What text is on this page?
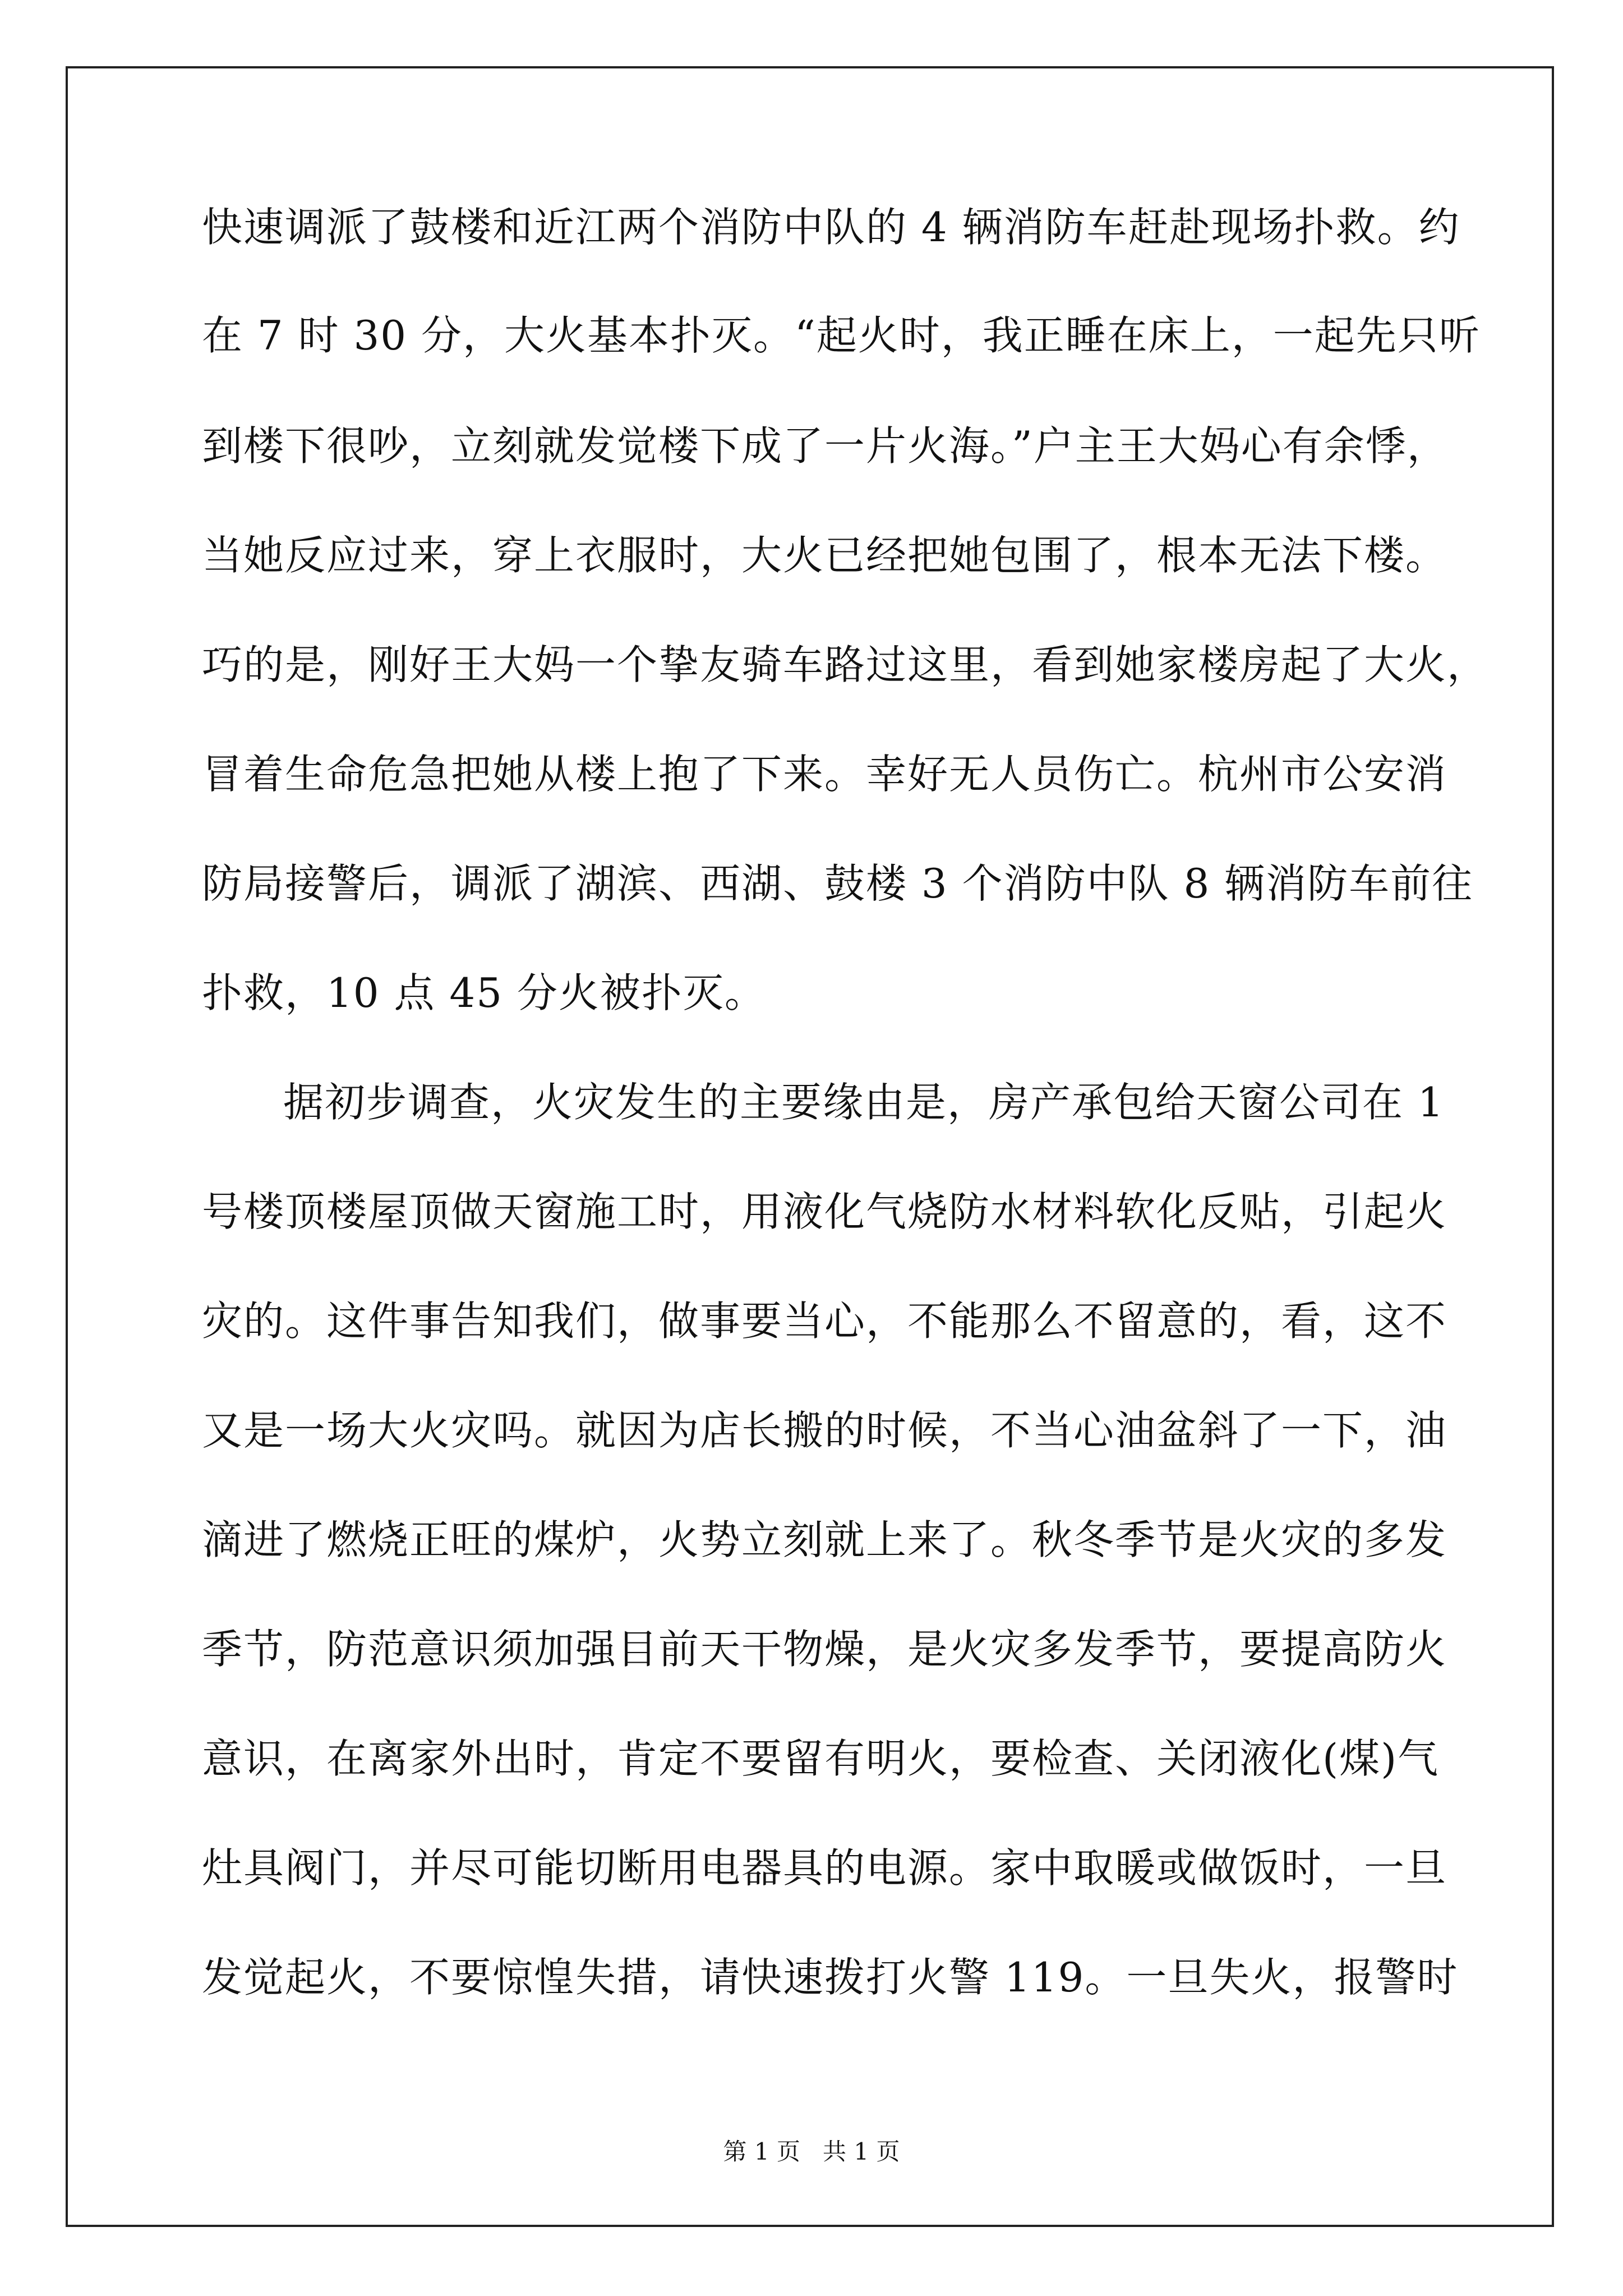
快速调派了鼓楼和近江两个消防中队的 4 辆消防车赶赴现场扑救。约
在 7 时 30 分，大火基本扑灭。“起火时，我正睡在床上，一起先只听
到楼下很吵，立刻就发觉楼下成了一片火海。”户主王大妈心有余悸，
当她反应过来，穿上衣服时，大火已经把她包围了，根本无法下楼。
巧的是，刚好王大妈一个挚友骑车路过这里，看到她家楼房起了大火，
冒着生命危急把她从楼上抱了下来。幸好无人员伤亡。杭州市公安消
防局接警后，调派了湖滨、西湖、鼓楼 3 个消防中队 8 辆消防车前往
扑救，10 点 45 分火被扑灭。
据初步调查，火灾发生的主要缘由是，房产承包给天窗公司在 1
号楼顶楼屋顶做天窗施工时，用液化气烧防水材料软化反贴，引起火
灾的。这件事告知我们，做事要当心，不能那么不留意的，看，这不
又是一场大火灾吗。就因为店长搬的时候，不当心油盆斜了一下，油
滴进了燃烧正旺的煤炉，火势立刻就上来了。秋冬季节是火灾的多发
季节，防范意识须加强目前天干物燥，是火灾多发季节，要提高防火
意识，在离家外出时，肯定不要留有明火，要检查、关闭液化(煤)气
灶具阀门，并尽可能切断用电器具的电源。家中取暖或做饭时，一旦
发觉起火，不要惊惶失措，请快速拨打火警 119。一旦失火，报警时
第 1 页   共 1 页
